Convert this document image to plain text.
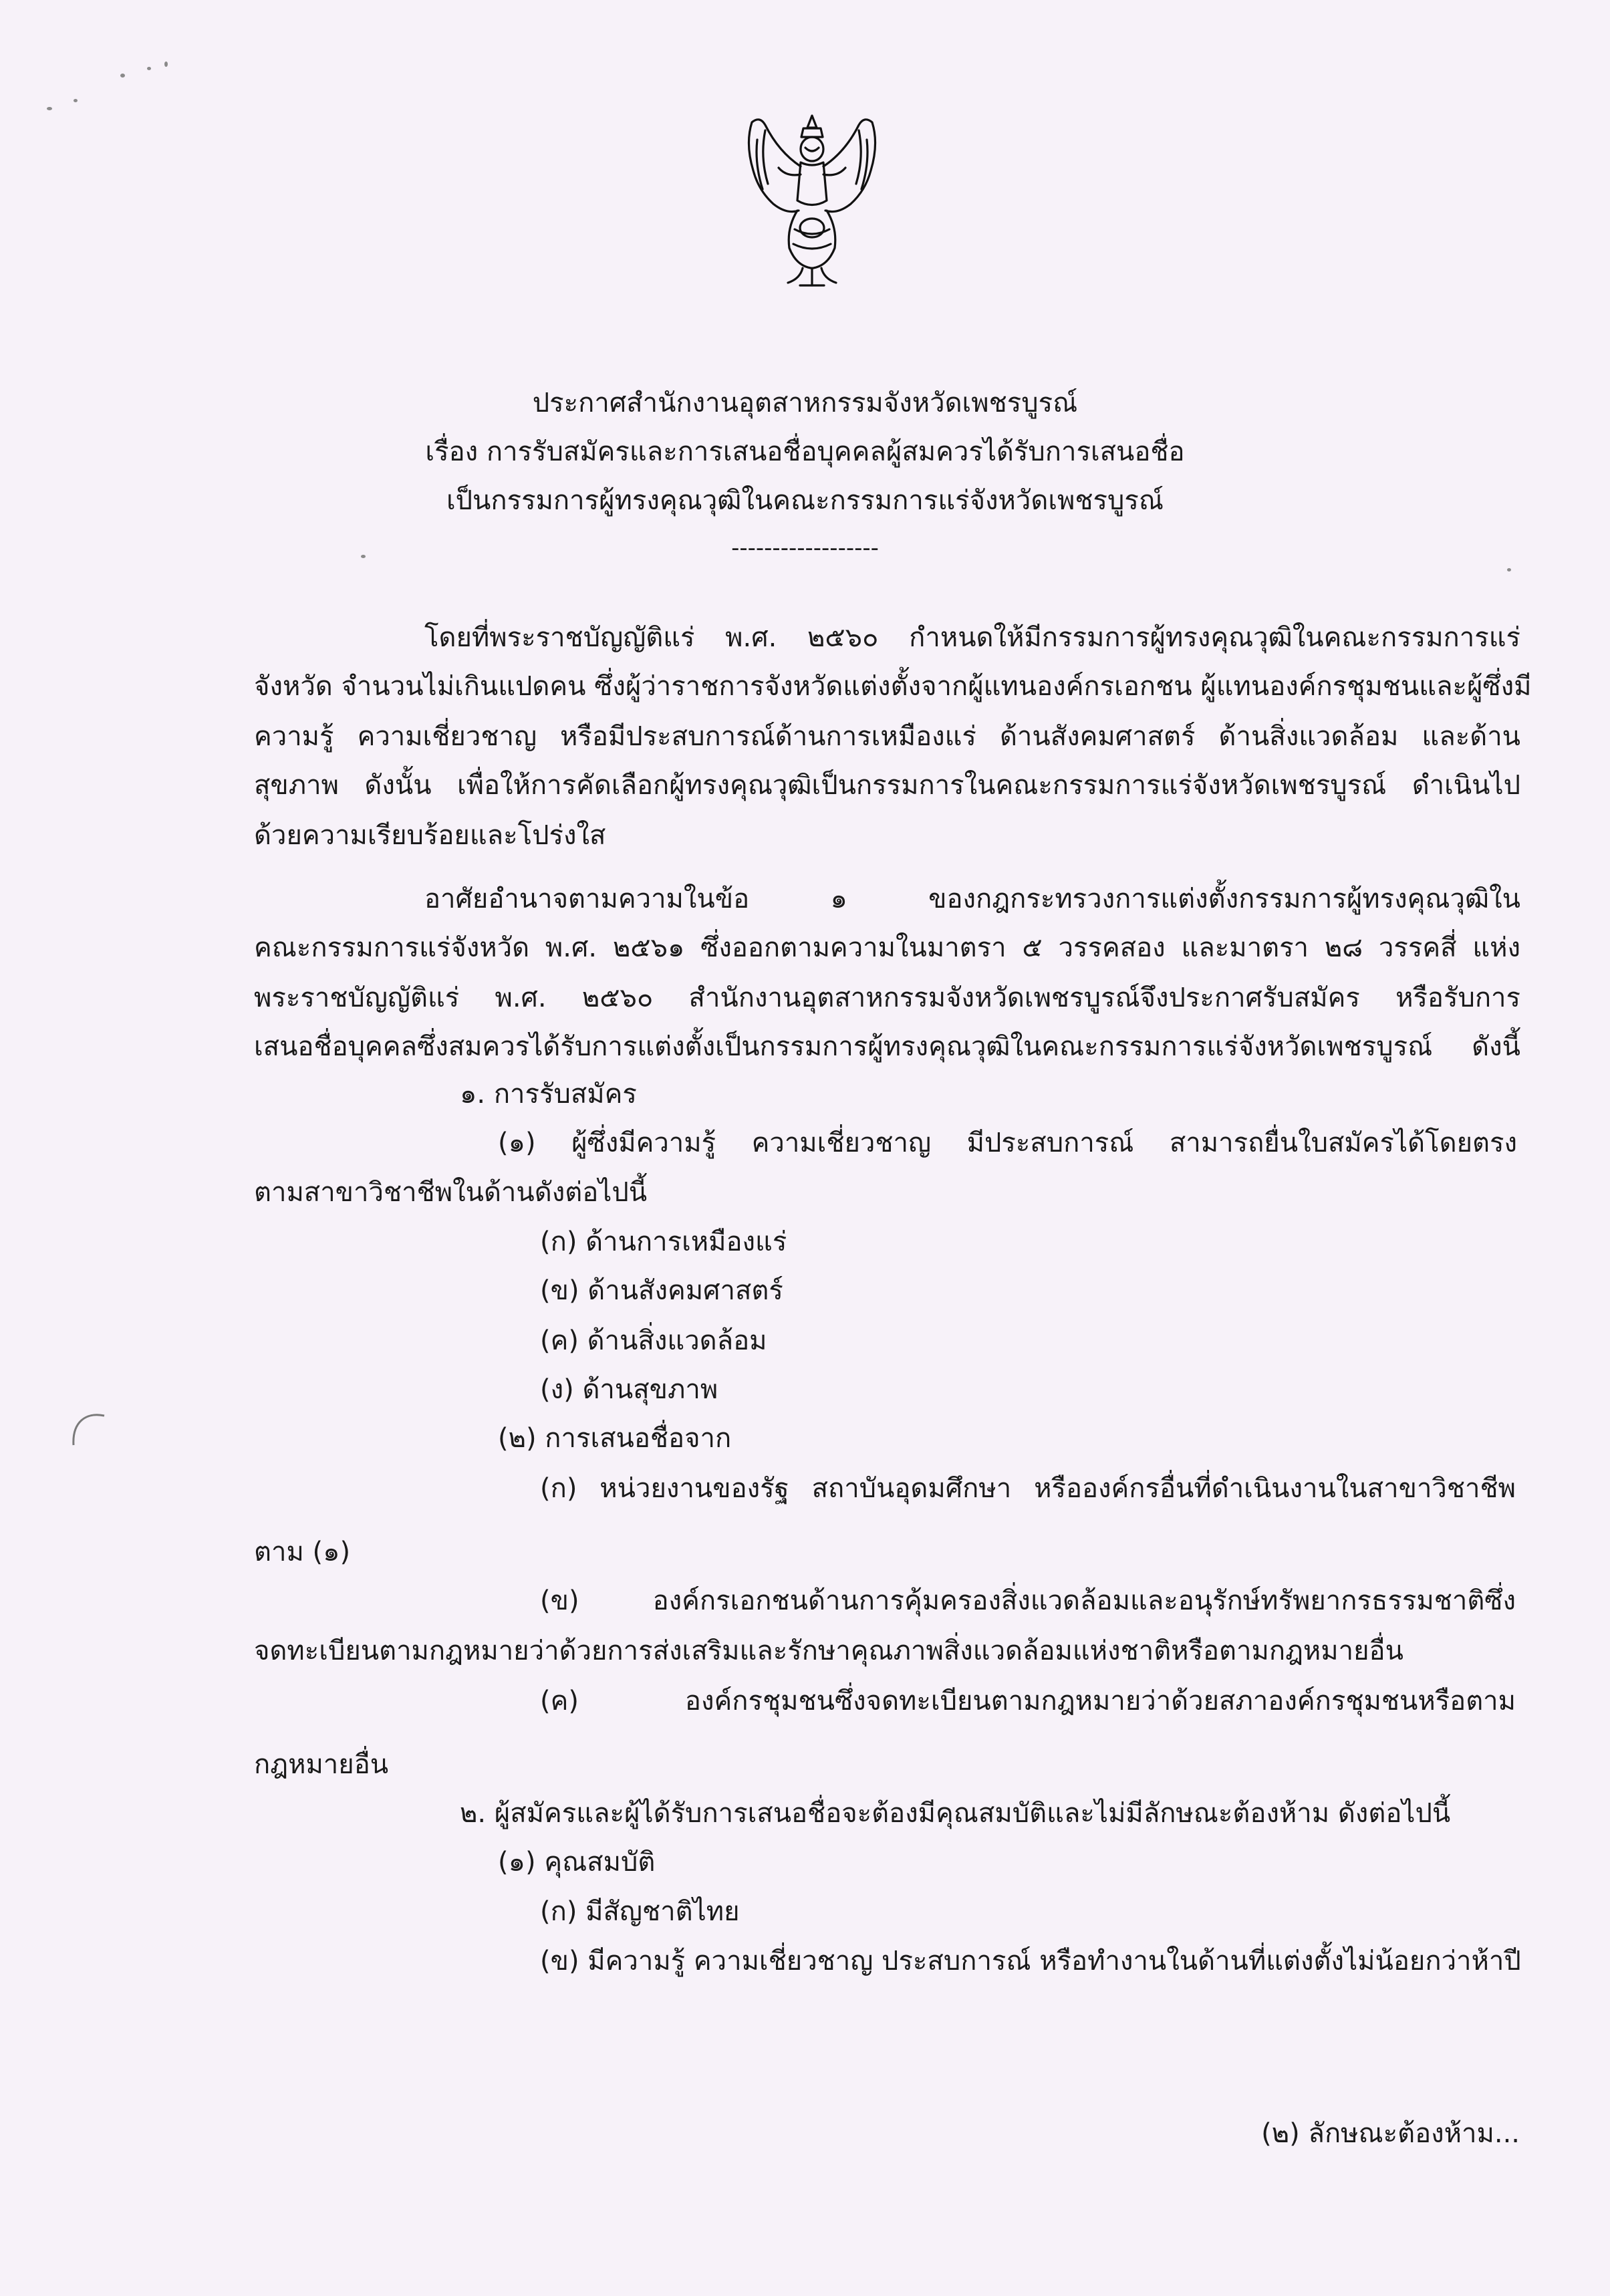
ประกาศสำนักงานอุตสาหกรรมจังหวัดเพชรบูรณ์
เรื่อง การรับสมัครและการเสนอชื่อบุคคลผู้สมควรได้รับการเสนอชื่อ
เป็นกรรมการผู้ทรงคุณวุฒิในคณะกรรมการแร่จังหวัดเพชรบูรณ์
------------------
โดยที่พระราชบัญญัติแร่ พ.ศ. ๒๕๖๐ กำหนดให้มีกรรมการผู้ทรงคุณวุฒิในคณะกรรมการแร่
จังหวัด จำนวนไม่เกินแปดคน ซึ่งผู้ว่าราชการจังหวัดแต่งตั้งจากผู้แทนองค์กรเอกชน ผู้แทนองค์กรชุมชนและผู้ซึ่งมี
ความรู้ ความเชี่ยวชาญ หรือมีประสบการณ์ด้านการเหมืองแร่ ด้านสังคมศาสตร์ ด้านสิ่งแวดล้อม และด้าน
สุขภาพ ดังนั้น เพื่อให้การคัดเลือกผู้ทรงคุณวุฒิเป็นกรรมการในคณะกรรมการแร่จังหวัดเพชรบูรณ์ ดำเนินไป
ด้วยความเรียบร้อยและโปร่งใส
อาศัยอำนาจตามความในข้อ ๑ ของกฎกระทรวงการแต่งตั้งกรรมการผู้ทรงคุณวุฒิใน
คณะกรรมการแร่จังหวัด พ.ศ. ๒๕๖๑ ซึ่งออกตามความในมาตรา ๕ วรรคสอง และมาตรา ๒๘ วรรคสี่ แห่ง
พระราชบัญญัติแร่ พ.ศ. ๒๕๖๐ สำนักงานอุตสาหกรรมจังหวัดเพชรบูรณ์จึงประกาศรับสมัคร หรือรับการ
เสนอชื่อบุคคลซึ่งสมควรได้รับการแต่งตั้งเป็นกรรมการผู้ทรงคุณวุฒิในคณะกรรมการแร่จังหวัดเพชรบูรณ์ ดังนี้
๑. การรับสมัคร
(๑) ผู้ซึ่งมีความรู้ ความเชี่ยวชาญ มีประสบการณ์ สามารถยื่นใบสมัครได้โดยตรง
ตามสาขาวิชาชีพในด้านดังต่อไปนี้
(ก) ด้านการเหมืองแร่
(ข) ด้านสังคมศาสตร์
(ค) ด้านสิ่งแวดล้อม
(ง) ด้านสุขภาพ
(๒) การเสนอชื่อจาก
(ก) หน่วยงานของรัฐ สถาบันอุดมศึกษา หรือองค์กรอื่นที่ดำเนินงานในสาขาวิชาชีพ
ตาม (๑)
(ข) องค์กรเอกชนด้านการคุ้มครองสิ่งแวดล้อมและอนุรักษ์ทรัพยากรธรรมชาติซึ่ง
จดทะเบียนตามกฎหมายว่าด้วยการส่งเสริมและรักษาคุณภาพสิ่งแวดล้อมแห่งชาติหรือตามกฎหมายอื่น
(ค) องค์กรชุมชนซึ่งจดทะเบียนตามกฎหมายว่าด้วยสภาองค์กรชุมชนหรือตาม
กฎหมายอื่น
๒. ผู้สมัครและผู้ได้รับการเสนอชื่อจะต้องมีคุณสมบัติและไม่มีลักษณะต้องห้าม ดังต่อไปนี้
(๑) คุณสมบัติ
(ก) มีสัญชาติไทย
(ข) มีความรู้ ความเชี่ยวชาญ ประสบการณ์ หรือทำงานในด้านที่แต่งตั้งไม่น้อยกว่าห้าปี
(๒) ลักษณะต้องห้าม...
